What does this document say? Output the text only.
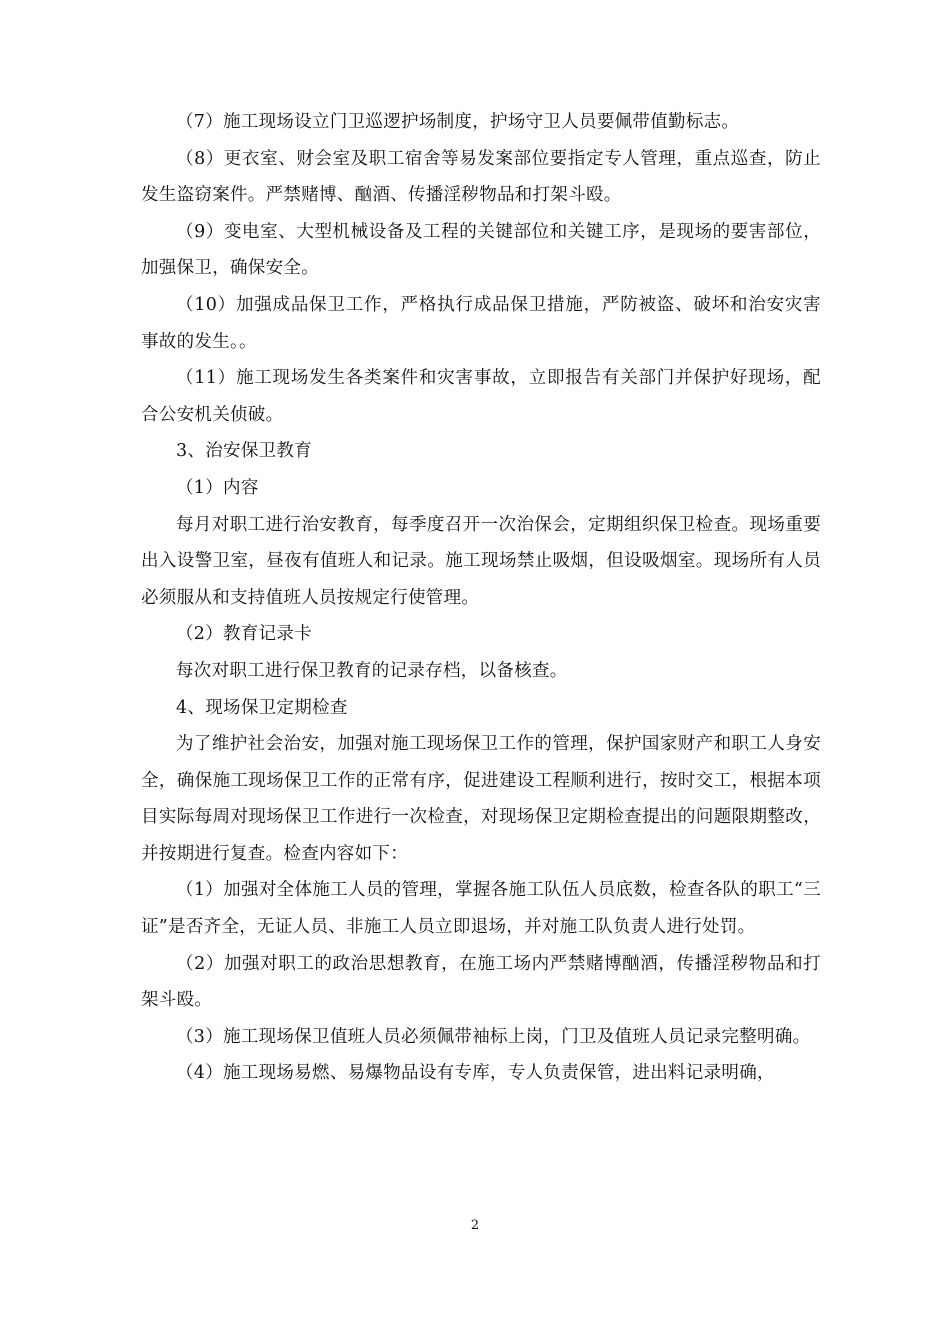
（7）施工现场设立门卫巡逻护场制度，护场守卫人员要佩带值勤标志。

（8）更衣室、财会室及职工宿舍等易发案部位要指定专人管理，重点巡查，防止发生盗窃案件。严禁赌博、酗酒、传播淫秽物品和打架斗殴。

（9）变电室、大型机械设备及工程的关键部位和关键工序，是现场的要害部位，加强保卫，确保安全。

（10）加强成品保卫工作，严格执行成品保卫措施，严防被盗、破坏和治安灾害事故的发生。。

（11）施工现场发生各类案件和灾害事故，立即报告有关部门并保护好现场，配合公安机关侦破。

3、治安保卫教育

（1）内容

每月对职工进行治安教育，每季度召开一次治保会，定期组织保卫检查。现场重要出入设警卫室，昼夜有值班人和记录。施工现场禁止吸烟，但设吸烟室。现场所有人员必须服从和支持值班人员按规定行使管理。

（2）教育记录卡

每次对职工进行保卫教育的记录存档，以备核查。

4、现场保卫定期检查

为了维护社会治安，加强对施工现场保卫工作的管理，保护国家财产和职工人身安全，确保施工现场保卫工作的正常有序，促进建设工程顺利进行，按时交工，根据本项目实际每周对现场保卫工作进行一次检查，对现场保卫定期检查提出的问题限期整改，并按期进行复查。检查内容如下：

（1）加强对全体施工人员的管理，掌握各施工队伍人员底数，检查各队的职工“三证”是否齐全，无证人员、非施工人员立即退场，并对施工队负责人进行处罚。

（2）加强对职工的政治思想教育，在施工场内严禁赌博酗酒，传播淫秽物品和打架斗殴。

（3）施工现场保卫值班人员必须佩带袖标上岗，门卫及值班人员记录完整明确。

（4）施工现场易燃、易爆物品设有专库，专人负责保管，进出料记录明确，

2
